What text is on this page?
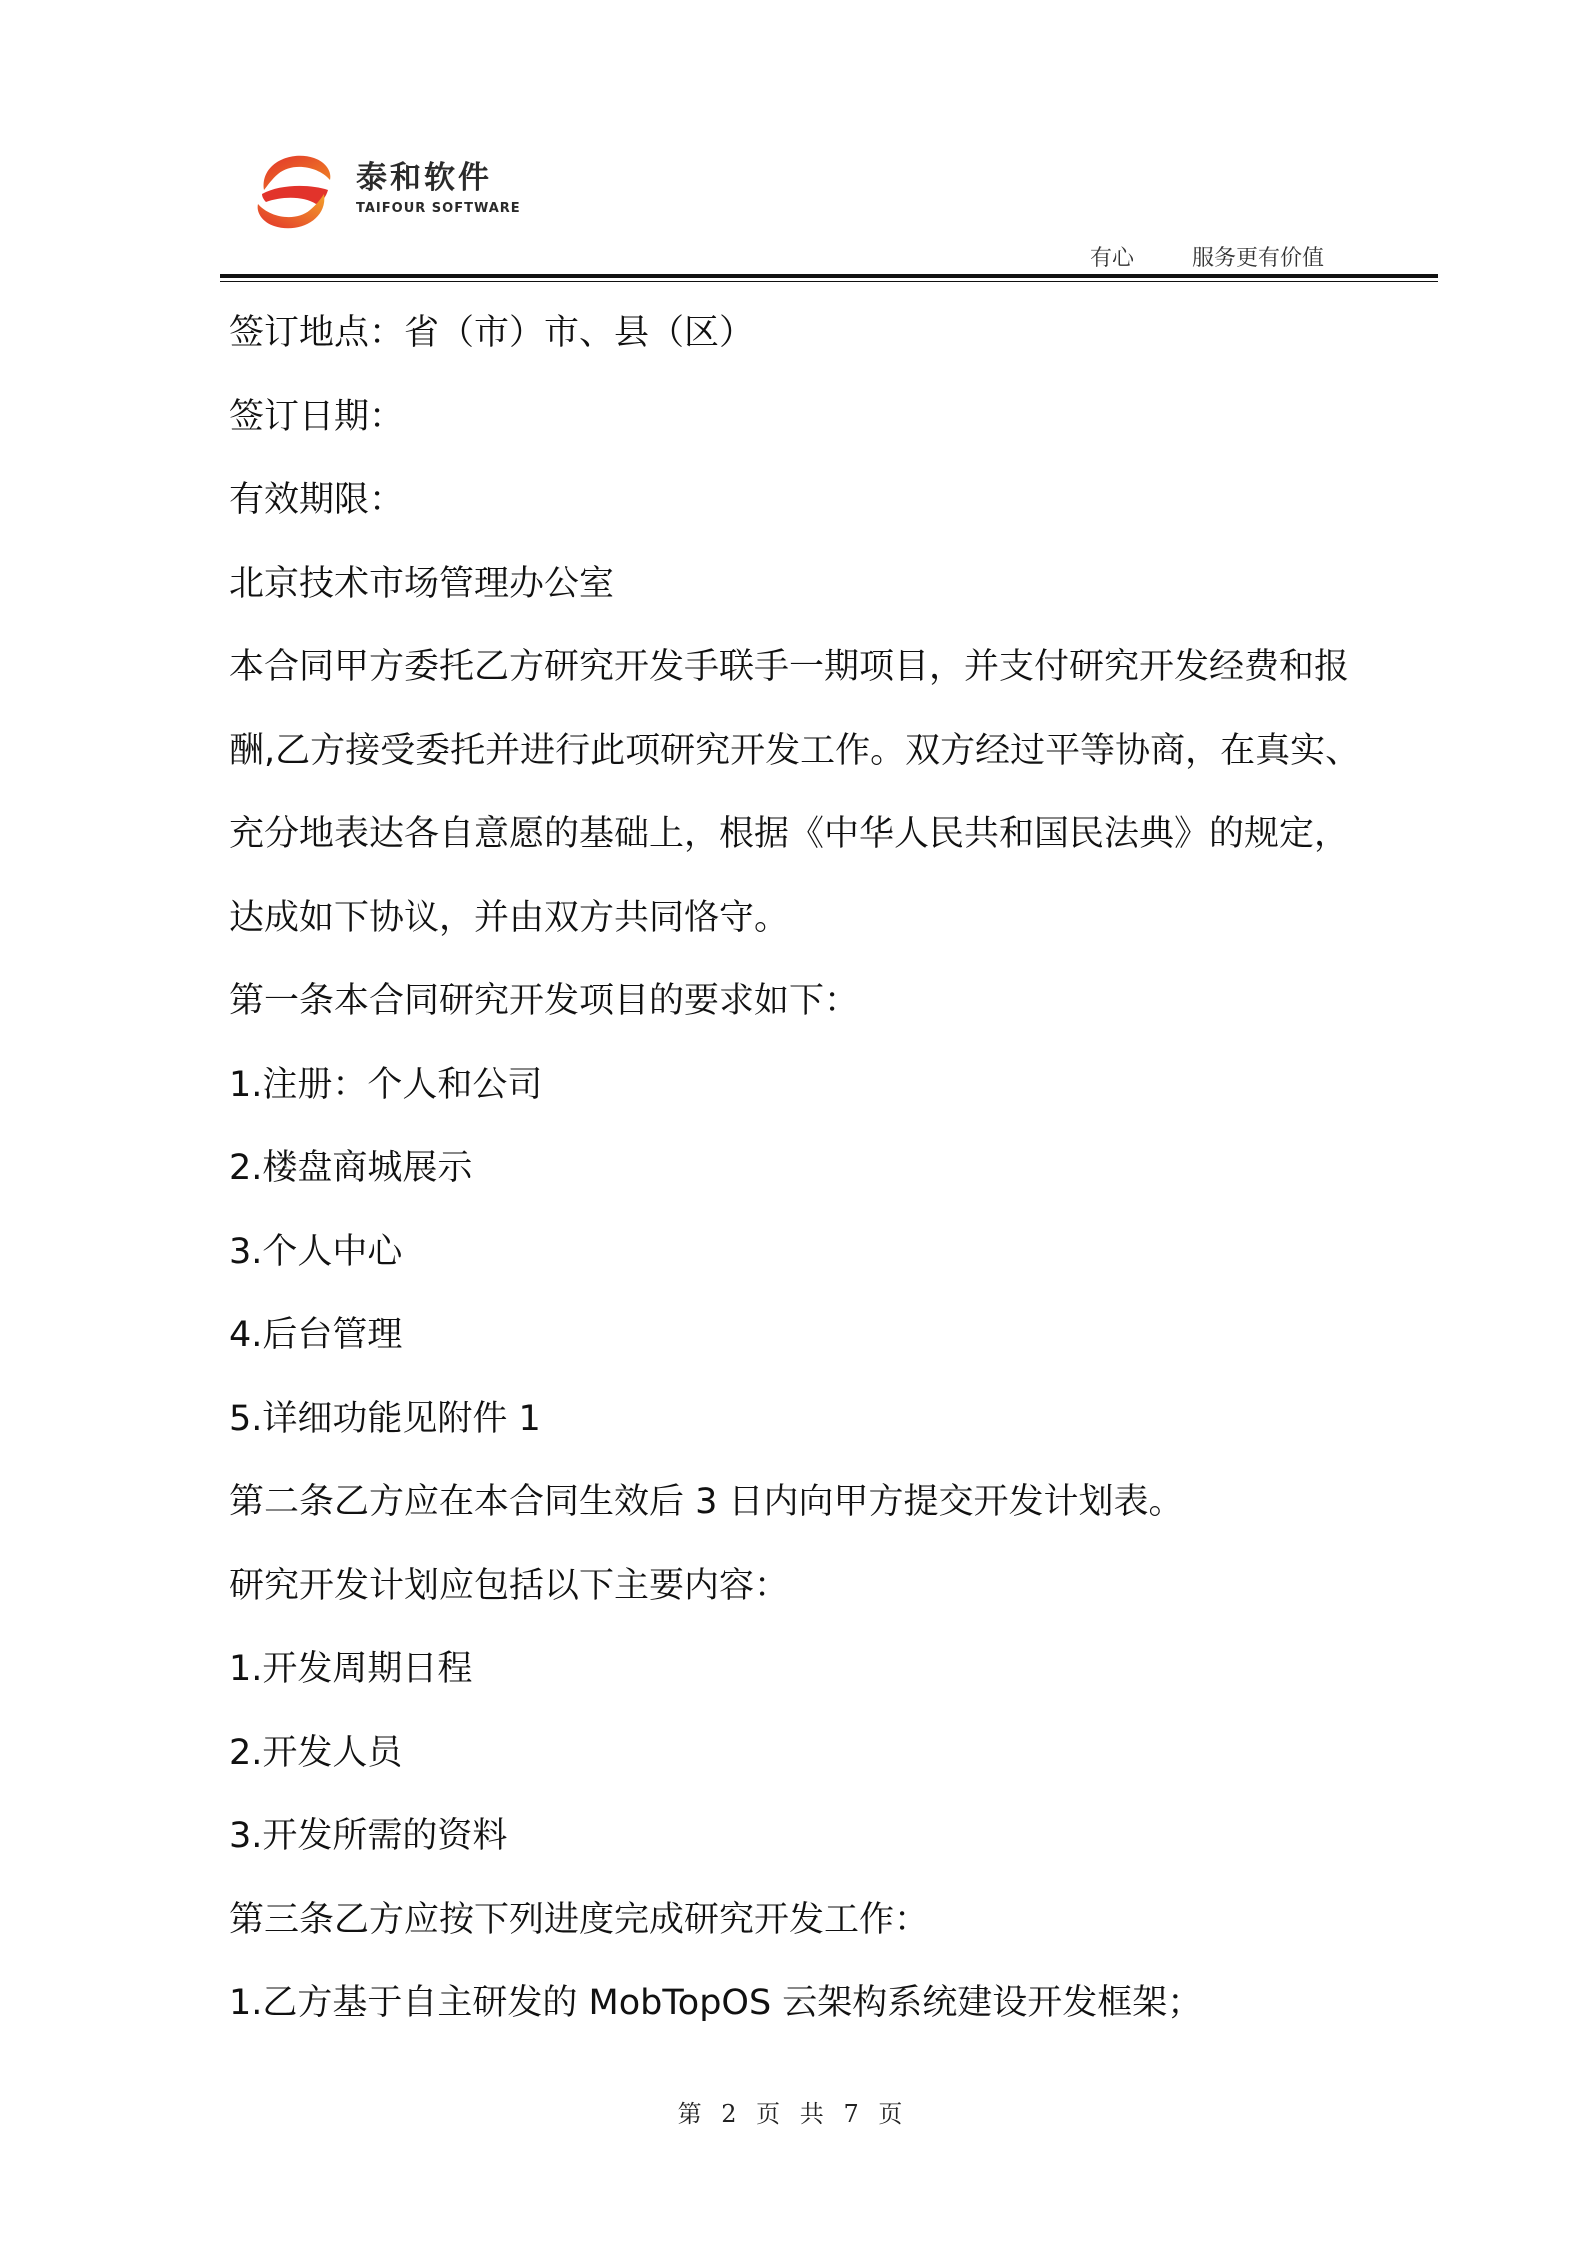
泰和软件
TAIFOUR SOFTWARE
有心	服务更有价值
签订地点：省（市）市、县（区）
签订日期：
有效期限：
北京技术市场管理办公室
本合同甲方委托乙方研究开发手联手一期项目，并支付研究开发经费和报
酬,乙方接受委托并进行此项研究开发工作。双方经过平等协商，在真实、
充分地表达各自意愿的基础上，根据《中华人民共和国民法典》的规定，
达成如下协议，并由双方共同恪守。
第一条本合同研究开发项目的要求如下：
1.注册：个人和公司
2.楼盘商城展示
3.个人中心
4.后台管理
5.详细功能见附件 1
第二条乙方应在本合同生效后 3 日内向甲方提交开发计划表。
研究开发计划应包括以下主要内容：
1.开发周期日程
2.开发人员
3.开发所需的资料
第三条乙方应按下列进度完成研究开发工作：
1.乙方基于自主研发的 MobTopOS 云架构系统建设开发框架；
第 2 页 共 7 页
